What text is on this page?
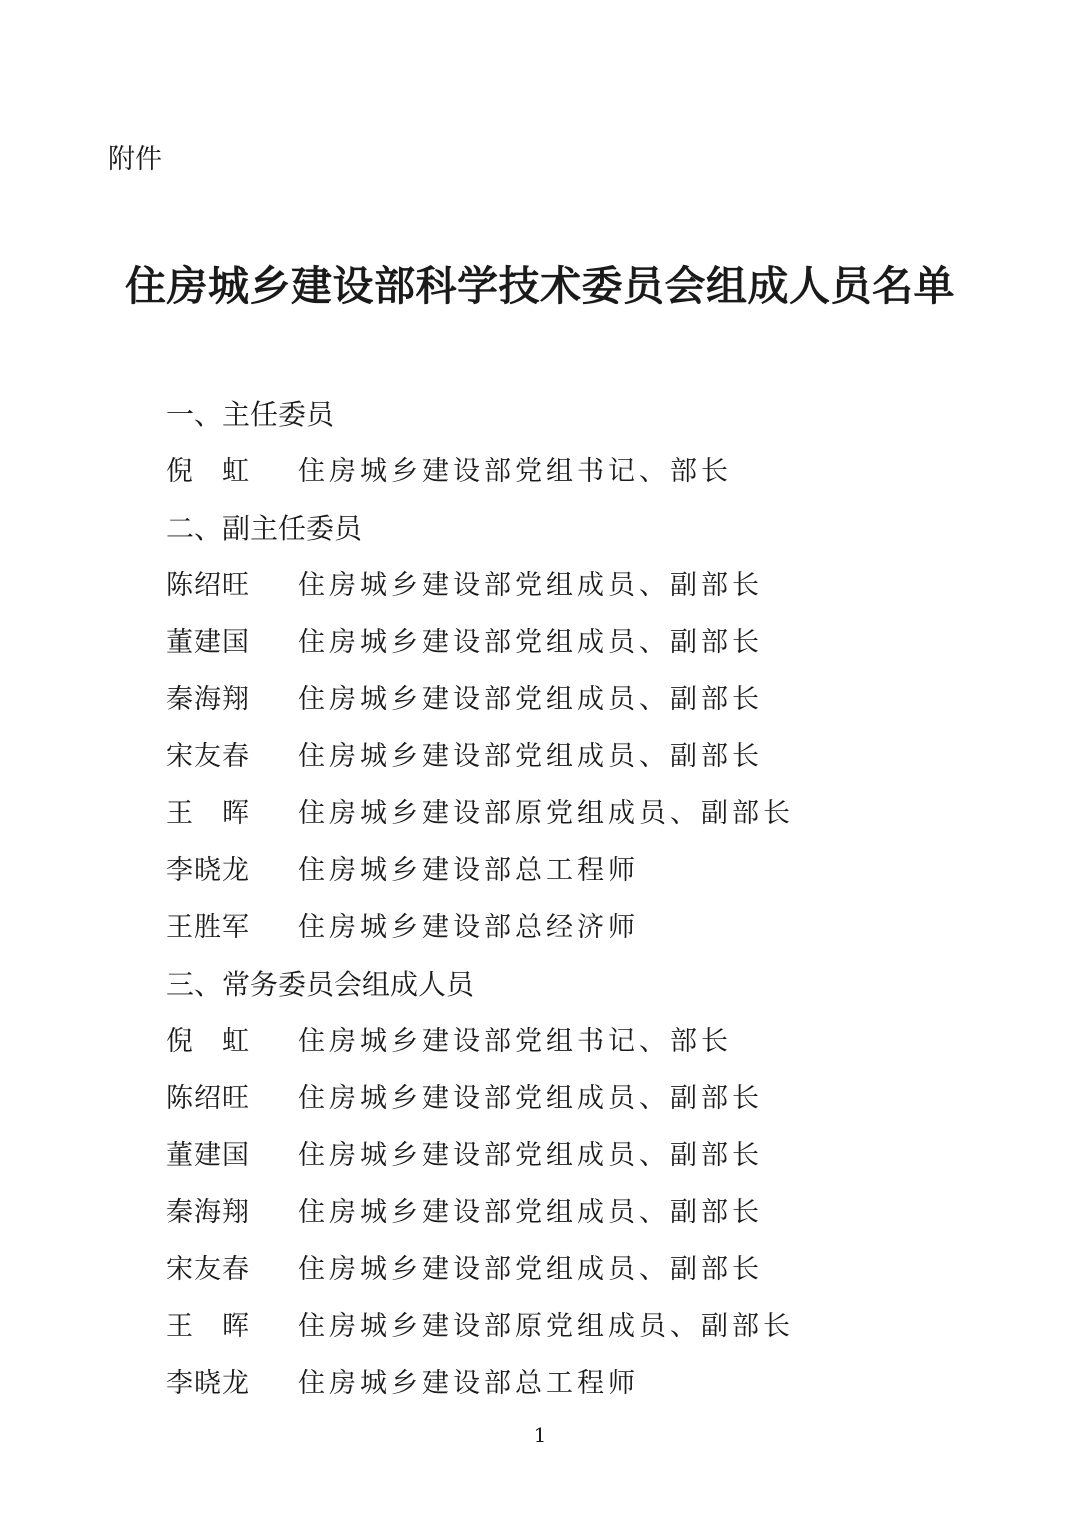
附件

住房城乡建设部科学技术委员会组成人员名单
一、主任委员
倪　虹	住房城乡建设部党组书记、部长
二、副主任委员
陈绍旺	住房城乡建设部党组成员、副部长
董建国	住房城乡建设部党组成员、副部长
秦海翔	住房城乡建设部党组成员、副部长
宋友春	住房城乡建设部党组成员、副部长
王　晖	住房城乡建设部原党组成员、副部长
李晓龙	住房城乡建设部总工程师
王胜军	住房城乡建设部总经济师
三、常务委员会组成人员
倪　虹	住房城乡建设部党组书记、部长
陈绍旺	住房城乡建设部党组成员、副部长
董建国	住房城乡建设部党组成员、副部长
秦海翔	住房城乡建设部党组成员、副部长
宋友春	住房城乡建设部党组成员、副部长
王　晖	住房城乡建设部原党组成员、副部长
李晓龙	住房城乡建设部总工程师

1
